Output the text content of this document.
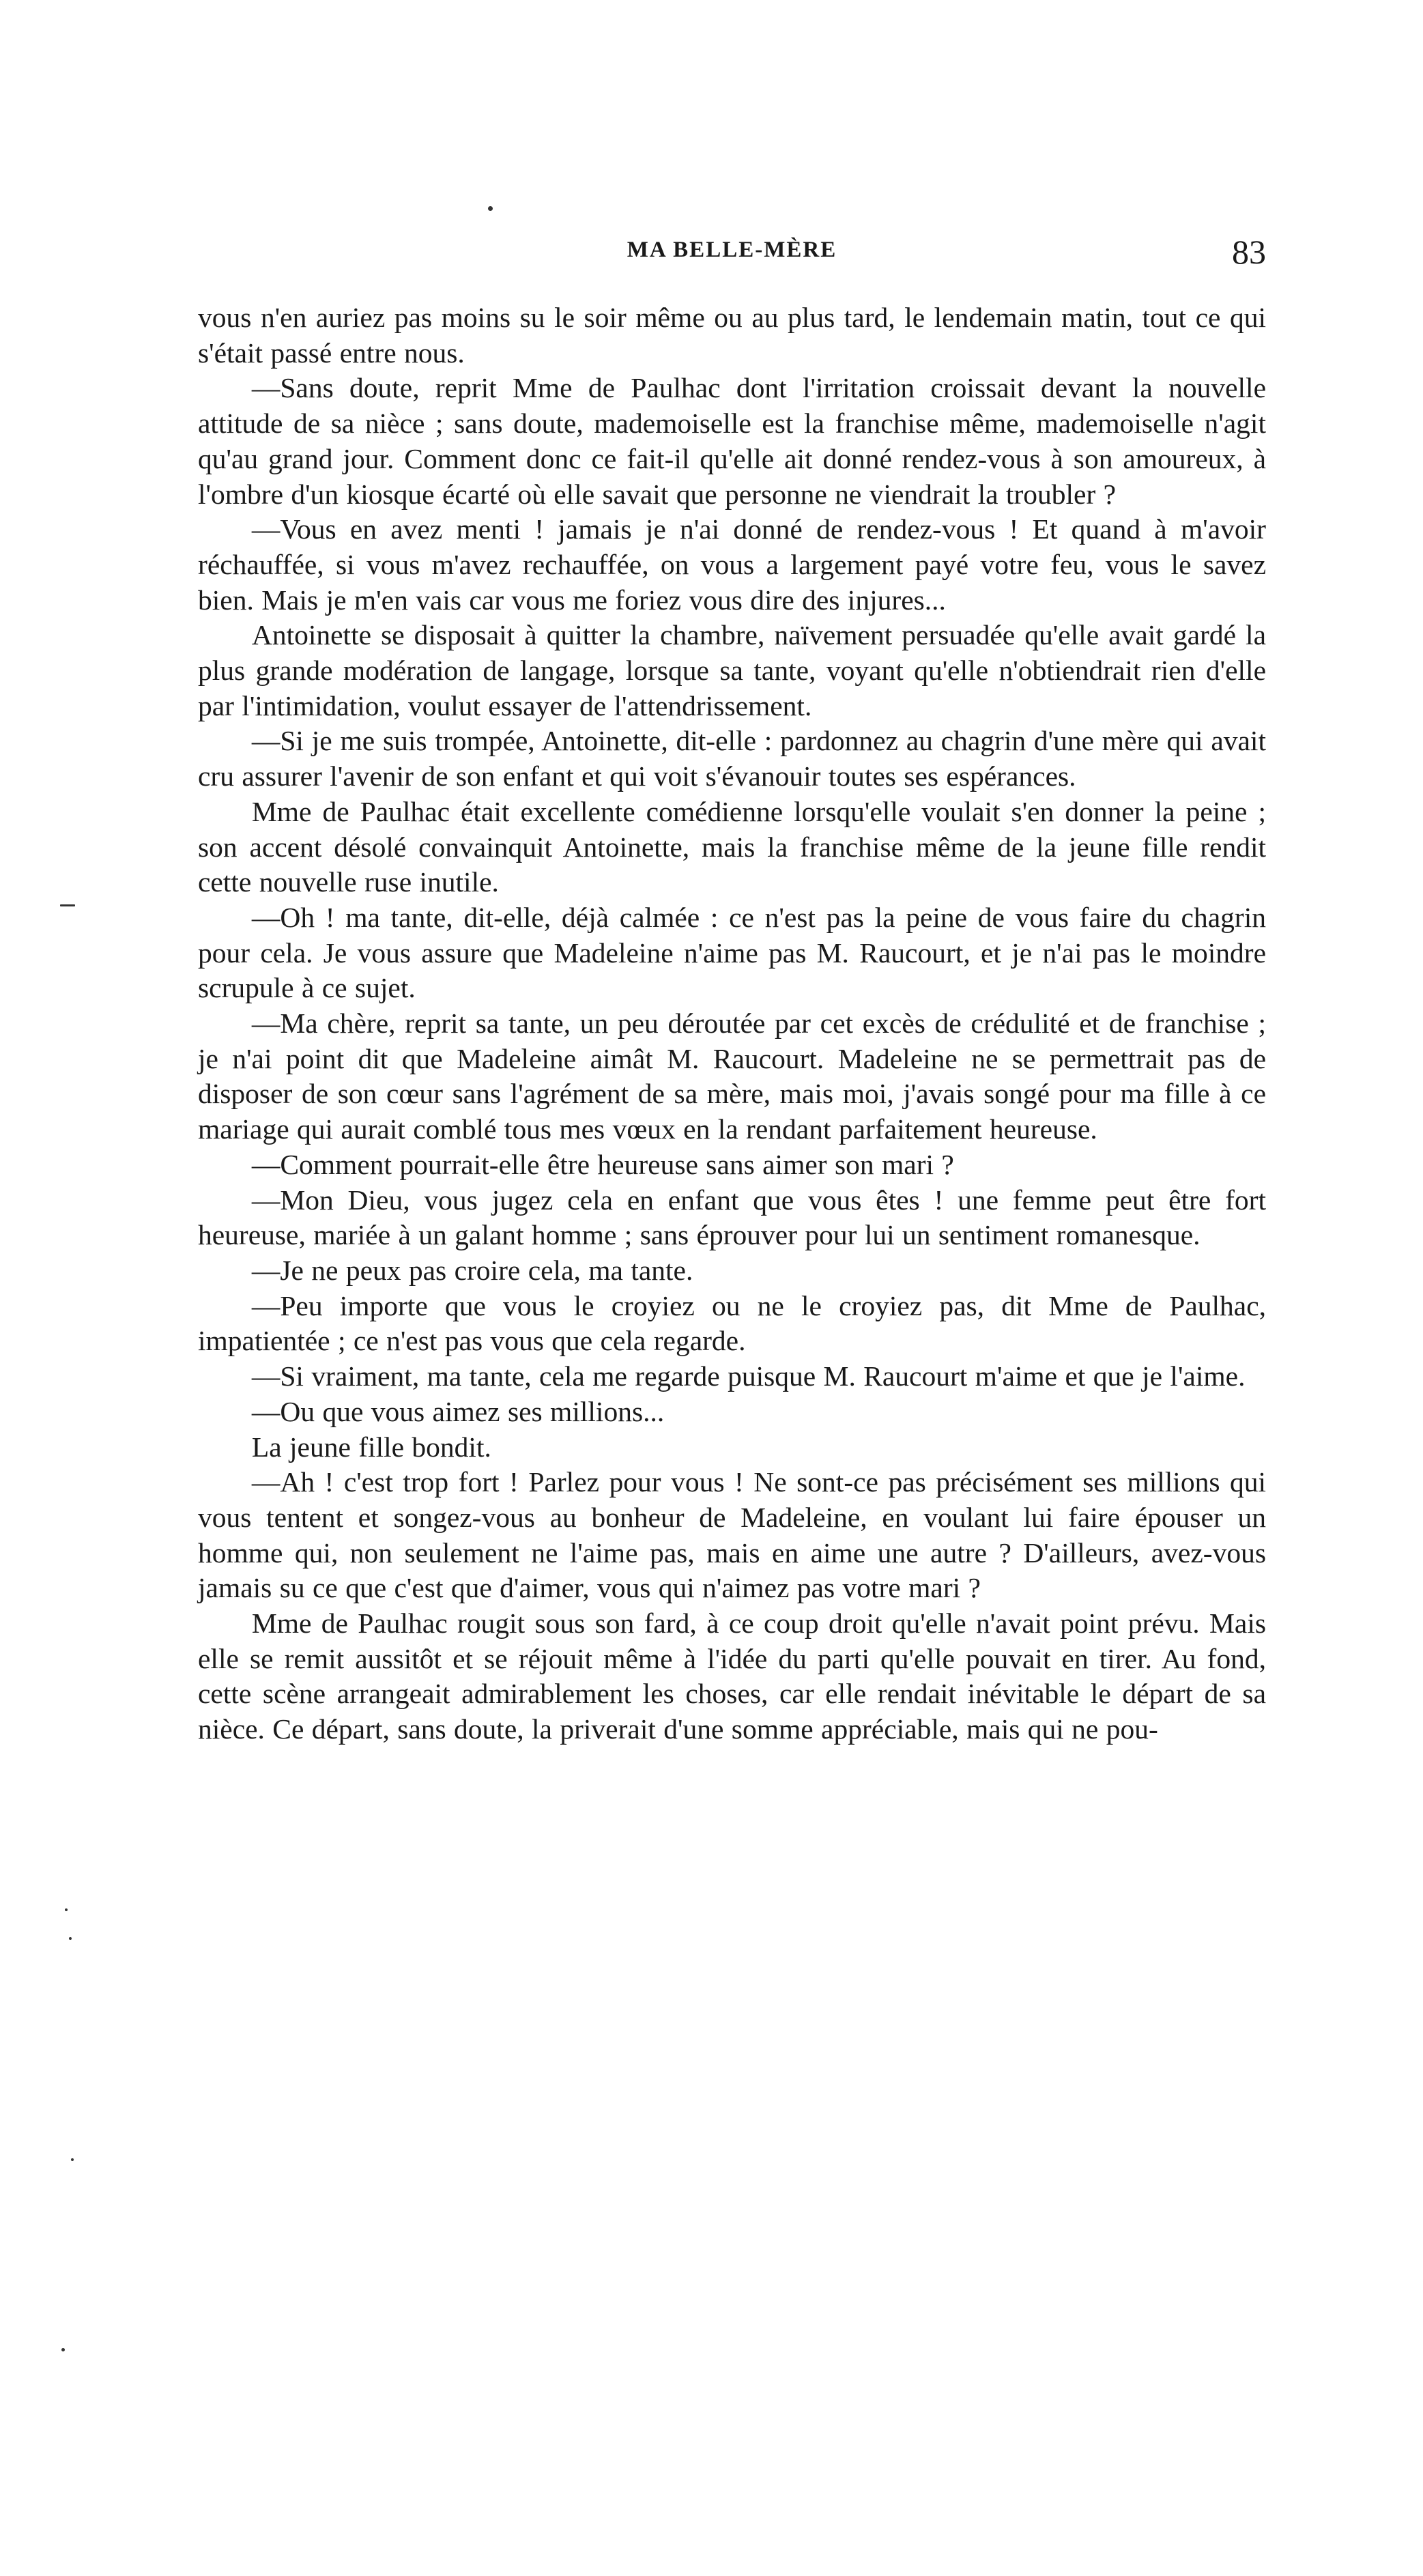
MA BELLE-MÈRE	83

vous n'en auriez pas moins su le soir même ou au plus tard, le lendemain matin, tout ce qui s'était passé entre nous.

—Sans doute, reprit Mme de Paulhac dont l'irritation croissait devant la nouvelle attitude de sa nièce ; sans doute, mademoiselle est la franchise même, mademoiselle n'agit qu'au grand jour. Comment donc ce fait-il qu'elle ait donné rendez-vous à son amoureux, à l'ombre d'un kiosque écarté où elle savait que personne ne viendrait la troubler ?

—Vous en avez menti ! jamais je n'ai donné de rendez-vous ! Et quand à m'avoir réchauffée, si vous m'avez rechauffée, on vous a largement payé votre feu, vous le savez bien. Mais je m'en vais car vous me foriez vous dire des injures...

Antoinette se disposait à quitter la chambre, naïvement persuadée qu'elle avait gardé la plus grande modération de langage, lorsque sa tante, voyant qu'elle n'obtiendrait rien d'elle par l'intimidation, voulut essayer de l'attendrissement.

—Si je me suis trompée, Antoinette, dit-elle : pardonnez au chagrin d'une mère qui avait cru assurer l'avenir de son enfant et qui voit s'évanouir toutes ses espérances.

Mme de Paulhac était excellente comédienne lorsqu'elle voulait s'en donner la peine ; son accent désolé convainquit Antoinette, mais la franchise même de la jeune fille rendit cette nouvelle ruse inutile.

—Oh ! ma tante, dit-elle, déjà calmée : ce n'est pas la peine de vous faire du chagrin pour cela. Je vous assure que Madeleine n'aime pas M. Raucourt, et je n'ai pas le moindre scrupule à ce sujet.

—Ma chère, reprit sa tante, un peu déroutée par cet excès de crédulité et de franchise ; je n'ai point dit que Madeleine aimât M. Raucourt. Madeleine ne se permettrait pas de disposer de son cœur sans l'agrément de sa mère, mais moi, j'avais songé pour ma fille à ce mariage qui aurait comblé tous mes vœux en la rendant parfaitement heureuse.

—Comment pourrait-elle être heureuse sans aimer son mari ?

—Mon Dieu, vous jugez cela en enfant que vous êtes ! une femme peut être fort heureuse, mariée à un galant homme ; sans éprouver pour lui un sentiment romanesque.

—Je ne peux pas croire cela, ma tante.

—Peu importe que vous le croyiez ou ne le croyiez pas, dit Mme de Paulhac, impatientée ; ce n'est pas vous que cela regarde.

—Si vraiment, ma tante, cela me regarde puisque M. Raucourt m'aime et que je l'aime.

—Ou que vous aimez ses millions...

La jeune fille bondit.

—Ah ! c'est trop fort ! Parlez pour vous ! Ne sont-ce pas précisément ses millions qui vous tentent et songez-vous au bonheur de Madeleine, en voulant lui faire épouser un homme qui, non seulement ne l'aime pas, mais en aime une autre ? D'ailleurs, avez-vous jamais su ce que c'est que d'aimer, vous qui n'aimez pas votre mari ?

Mme de Paulhac rougit sous son fard, à ce coup droit qu'elle n'avait point prévu. Mais elle se remit aussitôt et se réjouit même à l'idée du parti qu'elle pouvait en tirer. Au fond, cette scène arrangeait admirablement les choses, car elle rendait inévitable le départ de sa nièce. Ce départ, sans doute, la priverait d'une somme appréciable, mais qui ne pou-
